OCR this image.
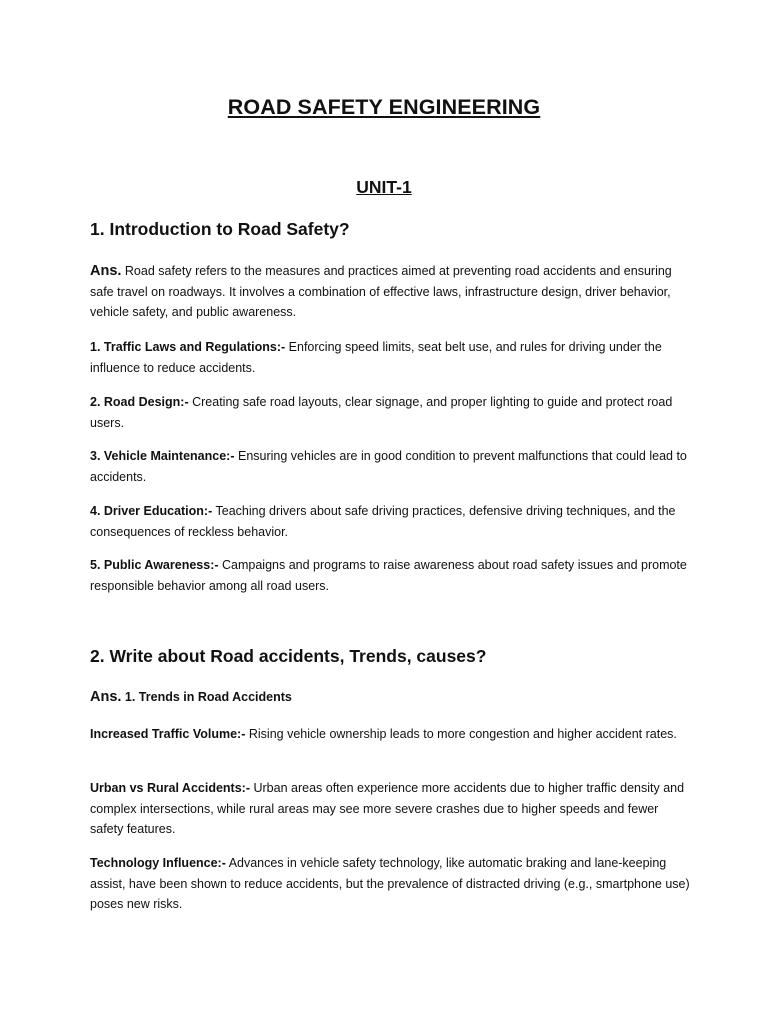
ROAD SAFETY ENGINEERING
UNIT-1
1. Introduction to Road Safety?
Ans. Road safety refers to the measures and practices aimed at preventing road accidents and ensuring safe travel on roadways. It involves a combination of effective laws, infrastructure design, driver behavior, vehicle safety, and public awareness.
1. Traffic Laws and Regulations:- Enforcing speed limits, seat belt use, and rules for driving under the influence to reduce accidents.
2. Road Design:- Creating safe road layouts, clear signage, and proper lighting to guide and protect road users.
3. Vehicle Maintenance:- Ensuring vehicles are in good condition to prevent malfunctions that could lead to accidents.
4. Driver Education:- Teaching drivers about safe driving practices, defensive driving techniques, and the consequences of reckless behavior.
5. Public Awareness:- Campaigns and programs to raise awareness about road safety issues and promote responsible behavior among all road users.
2. Write about Road accidents, Trends, causes?
Ans. 1. Trends in Road Accidents
Increased Traffic Volume:- Rising vehicle ownership leads to more congestion and higher accident rates.
Urban vs Rural Accidents:- Urban areas often experience more accidents due to higher traffic density and complex intersections, while rural areas may see more severe crashes due to higher speeds and fewer safety features.
Technology Influence:- Advances in vehicle safety technology, like automatic braking and lane-keeping assist, have been shown to reduce accidents, but the prevalence of distracted driving (e.g., smartphone use) poses new risks.
